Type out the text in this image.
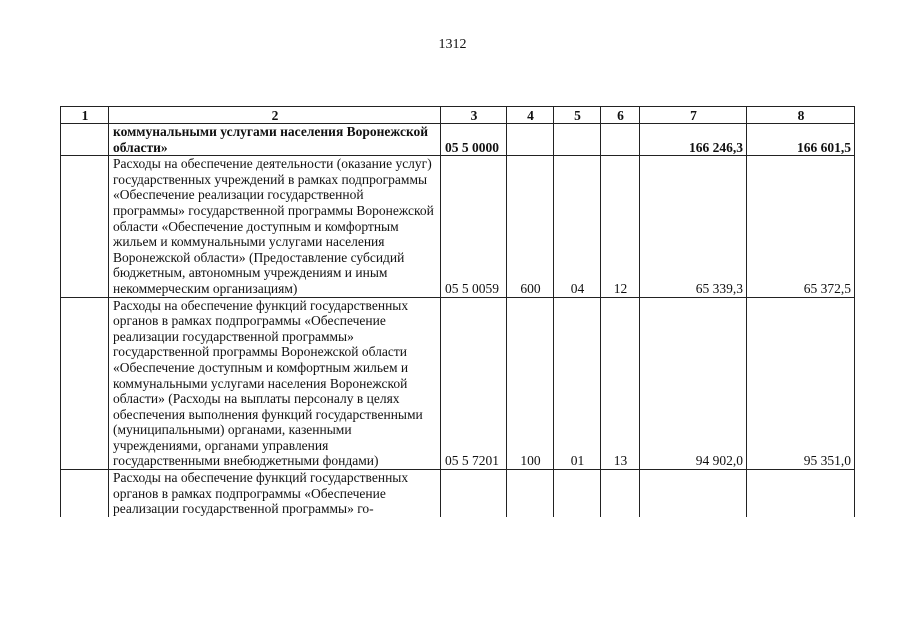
1312
1	2	3	4	5	6	7	8
	коммунальными услугами населения Воронежской области»	05 5 0000				166 246,3	166 601,5
	Расходы на обеспечение деятельности (оказание услуг) государственных учреждений в рамках подпрограммы «Обеспечение реализации государственной программы» государственной программы Воронежской области «Обеспечение доступным и комфортным жильем и коммунальными услугами населения Воронежской области» (Предоставление субсидий бюджетным, автономным учреждениям и иным некоммерческим организациям)	05 5 0059	600	04	12	65 339,3	65 372,5
	Расходы на обеспечение функций государственных органов в рамках подпрограммы «Обеспечение реализации государственной программы» государственной программы Воронежской области «Обеспечение доступным и комфортным жильем и коммунальными услугами населения Воронежской области» (Расходы на выплаты персоналу в целях обеспечения выполнения функций государственными (муниципальными) органами, казенными учреждениями, органами управления государственными внебюджетными фондами)	05 5 7201	100	01	13	94 902,0	95 351,0
	Расходы на обеспечение функций государственных органов в рамках подпрограммы «Обеспечение реализации государственной программы» го-						
